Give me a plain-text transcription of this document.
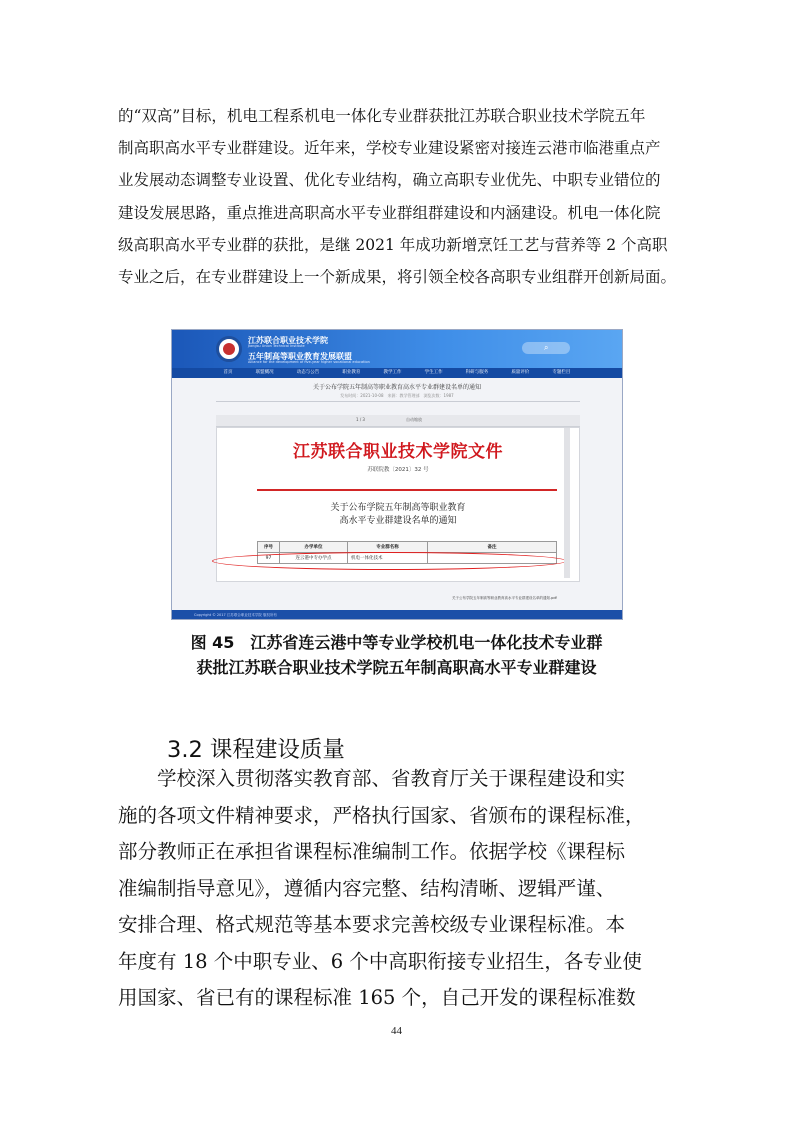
的“双高”目标，机电工程系机电一体化专业群获批江苏联合职业技术学院五年
制高职高水平专业群建设。近年来，学校专业建设紧密对接连云港市临港重点产
业发展动态调整专业设置、优化专业结构，确立高职专业优先、中职专业错位的
建设发展思路，重点推进高职高水平专业群组群建设和内涵建设。机电一体化院
级高职高水平专业群的获批，是继 2021 年成功新增烹饪工艺与营养等 2 个高职
专业之后，在专业群建设上一个新成果，将引领全校各高职专业组群开创新局面。
江苏联合职业技术学院
Jiangsu Union Technical Institute
五年制高等职业教育发展联盟
Alliance for the development of five-year higher vocational education
⌕
首页	联盟概况	动态与公告	职业教育	教学工作	学生工作	科研与服务	质量评价	专题栏目
关于公布学院五年制高等职业教育高水平专业群建设名单的通知
发布时间：2021-10-08　来源：教学管理部　浏览次数：1987
1 / 3	自动缩放
江苏联合职业技术学院文件
苏联院教〔2021〕32 号
关于公布学院五年制高等职业教育
高水平专业群建设名单的通知
序号	办学单位	专业群名称	备注
97	连云港中专办学点	机电一体化技术	
关于公布学院五年制高等职业教育高水平专业群建设名单的通知.pdf
Copyright © 2017 江苏联合职业技术学院 版权所有
图 45　江苏省连云港中等专业学校机电一体化技术专业群
获批江苏联合职业技术学院五年制高职高水平专业群建设
3.2 课程建设质量
　　学校深入贯彻落实教育部、省教育厅关于课程建设和实
施的各项文件精神要求，严格执行国家、省颁布的课程标准，
部分教师正在承担省课程标准编制工作。依据学校《课程标
准编制指导意见》，遵循内容完整、结构清晰、逻辑严谨、
安排合理、格式规范等基本要求完善校级专业课程标准。本
年度有 18 个中职专业、6 个中高职衔接专业招生，各专业使
用国家、省已有的课程标准 165 个，自己开发的课程标准数
44
